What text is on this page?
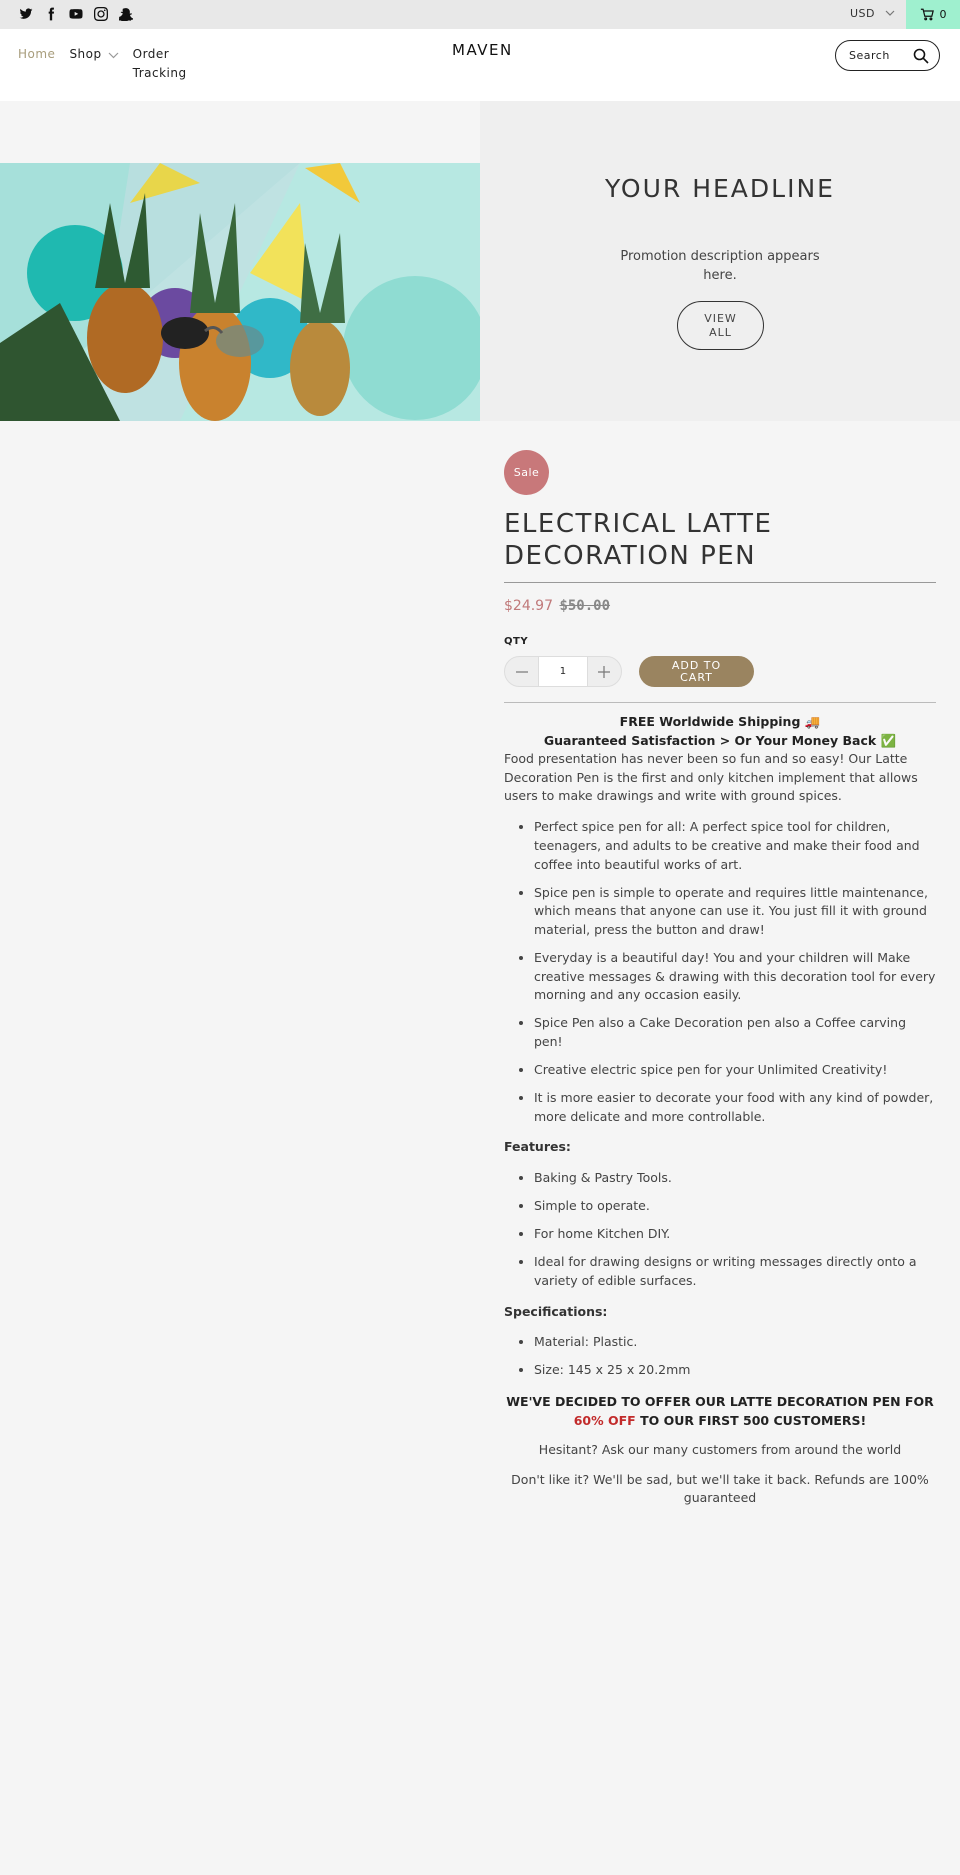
USD	0
Home Shop	Order Tracking
MAVEN	Search
YOUR HEADLINE
Promotion description appears here.
VIEW ALL
Sale
ELECTRICAL LATTE DECORATION PEN
$24.97 $50.00
QTY
1	ADD TO CART
FREE Worldwide Shipping 🚚
Guaranteed Satisfaction > Or Your Money Back ✅

Food presentation has never been so fun and so easy! Our Latte Decoration Pen is the first and only kitchen implement that allows users to make drawings and write with ground spices.

• Perfect spice pen for all: A perfect spice tool for children, teenagers, and adults to be creative and make their food and coffee into beautiful works of art.
• Spice pen is simple to operate and requires little maintenance, which means that anyone can use it. You just fill it with ground material, press the button and draw!
• Everyday is a beautiful day! You and your children will Make creative messages & drawing with this decoration tool for every morning and any occasion easily.
• Spice Pen also a Cake Decoration pen also a Coffee carving pen!
• Creative electric spice pen for your Unlimited Creativity!
• It is more easier to decorate your food with any kind of powder, more delicate and more controllable.
Features:
• Baking & Pastry Tools.
• Simple to operate.
• For home Kitchen DIY.
• Ideal for drawing designs or writing messages directly onto a variety of edible surfaces.
Specifications:
• Material: Plastic.
• Size: 145 x 25 x 20.2mm
WE'VE DECIDED TO OFFER OUR LATTE DECORATION PEN FOR
60% OFF TO OUR FIRST 500 CUSTOMERS!
Hesitant? Ask our many customers from around the world
Don't like it? We'll be sad, but we'll take it back. Refunds are 100% guaranteed
